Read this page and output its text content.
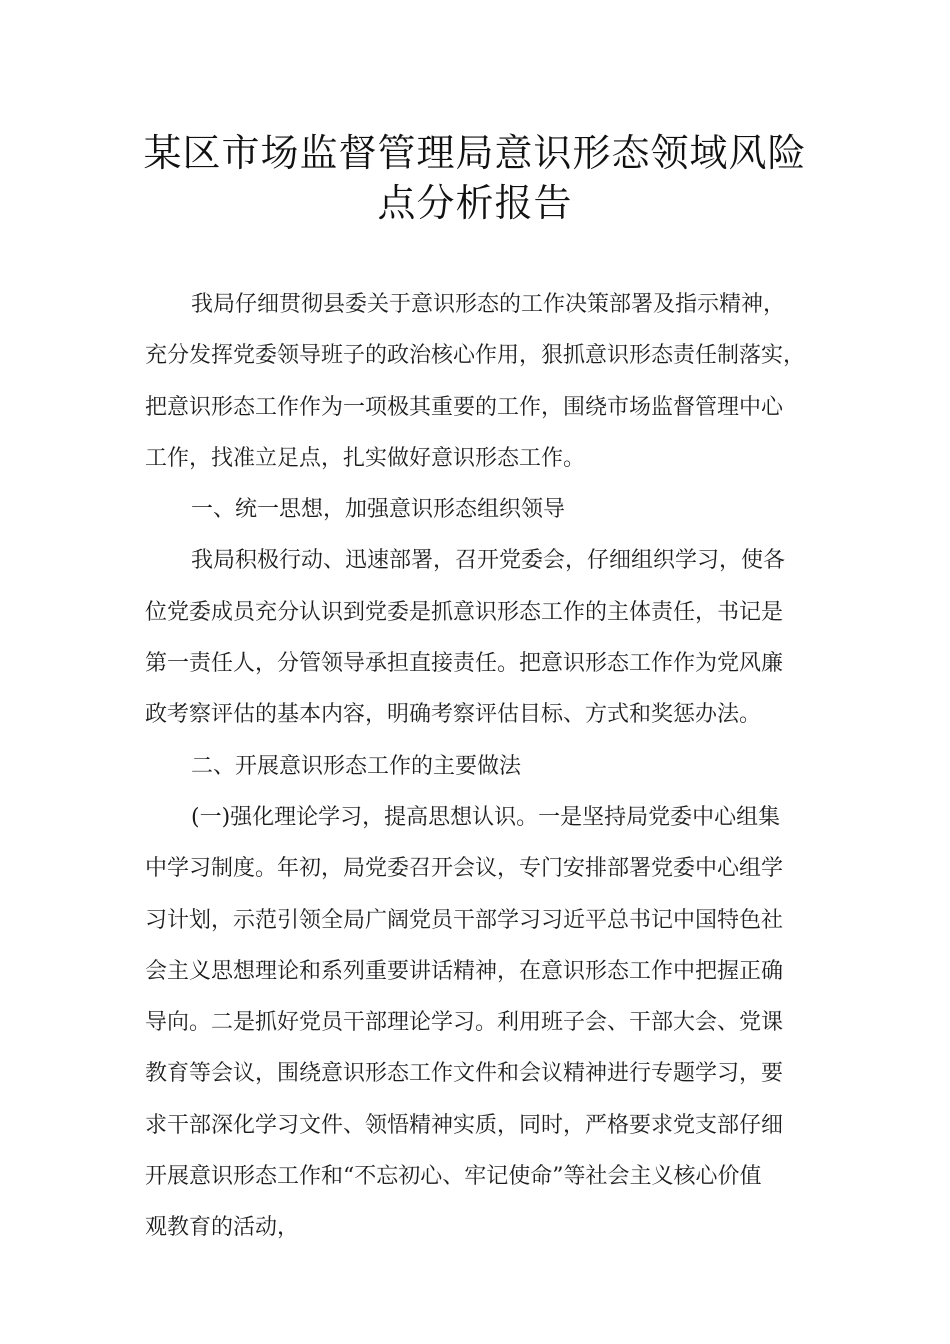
某区市场监督管理局意识形态领域风险
点分析报告
我局仔细贯彻县委关于意识形态的工作决策部署及指示精神，
充分发挥党委领导班子的政治核心作用，狠抓意识形态责任制落实，
把意识形态工作作为一项极其重要的工作，围绕市场监督管理中心
工作，找准立足点，扎实做好意识形态工作。
一、统一思想，加强意识形态组织领导
我局积极行动、迅速部署，召开党委会，仔细组织学习，使各
位党委成员充分认识到党委是抓意识形态工作的主体责任，书记是
第一责任人，分管领导承担直接责任。把意识形态工作作为党风廉
政考察评估的基本内容，明确考察评估目标、方式和奖惩办法。
二、开展意识形态工作的主要做法
(一)强化理论学习，提高思想认识。一是坚持局党委中心组集
中学习制度。年初，局党委召开会议，专门安排部署党委中心组学
习计划，示范引领全局广阔党员干部学习习近平总书记中国特色社
会主义思想理论和系列重要讲话精神，在意识形态工作中把握正确
导向。二是抓好党员干部理论学习。利用班子会、干部大会、党课
教育等会议，围绕意识形态工作文件和会议精神进行专题学习，要
求干部深化学习文件、领悟精神实质，同时，严格要求党支部仔细
开展意识形态工作和“不忘初心、牢记使命”等社会主义核心价值
观教育的活动，
